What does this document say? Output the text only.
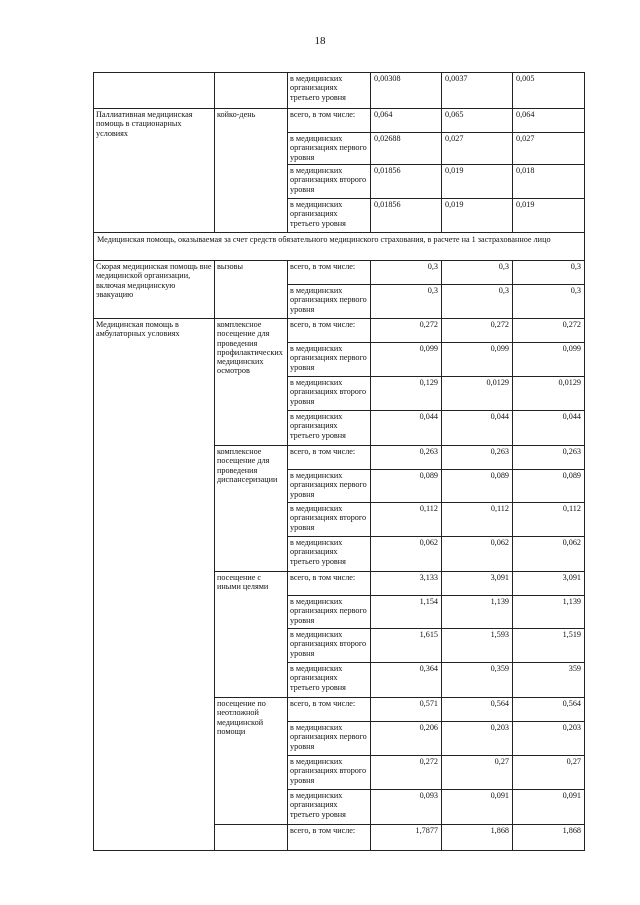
18
		в медицинских организациях третьего уровня	0,00308	0,0037	0,005
Паллиативная медицинская помощь в стационарных условиях	койко-день	всего, в том числе:	0,064	0,065	0,064
		в медицинских организациях первого уровня	0,02688	0,027	0,027
		в медицинских организациях второго уровня	0,01856	0,019	0,018
		в медицинских организациях третьего уровня	0,01856	0,019	0,019
Медицинская помощь, оказываемая за счет средств обязательного медицинского страхования, в расчете на 1 застрахованное лицо					
Скорая медицинская помощь вне медицинской организации, включая медицинскую эвакуацию	вызовы	всего, в том числе:	0,3	0,3	0,3
		в медицинских организациях первого уровня	0,3	0,3	0,3
Медицинская помощь в амбулаторных условиях	комплексное посещение для проведения профилактических медицинских осмотров	всего, в том числе:	0,272	0,272	0,272
		в медицинских организациях первого уровня	0,099	0,099	0,099
		в медицинских организациях второго уровня	0,129	0,0129	0,0129
		в медицинских организациях третьего уровня	0,044	0,044	0,044
	комплексное посещение для проведения диспансеризации	всего, в том числе:	0,263	0,263	0,263
		в медицинских организациях первого уровня	0,089	0,089	0,089
		в медицинских организациях второго уровня	0,112	0,112	0,112
		в медицинских организациях третьего уровня	0,062	0,062	0,062
	посещение с иными целями	всего, в том числе:	3,133	3,091	3,091
		в медицинских организациях первого уровня	1,154	1,139	1,139
		в медицинских организациях второго уровня	1,615	1,593	1,519
		в медицинских организациях третьего уровня	0,364	0,359	359
	посещение по неотложной медицинской помощи	всего, в том числе:	0,571	0,564	0,564
		в медицинских организациях первого уровня	0,206	0,203	0,203
		в медицинских организациях второго уровня	0,272	0,27	0,27
		в медицинских организациях третьего уровня	0,093	0,091	0,091
		всего, в том числе:	1,7877	1,868	1,868
